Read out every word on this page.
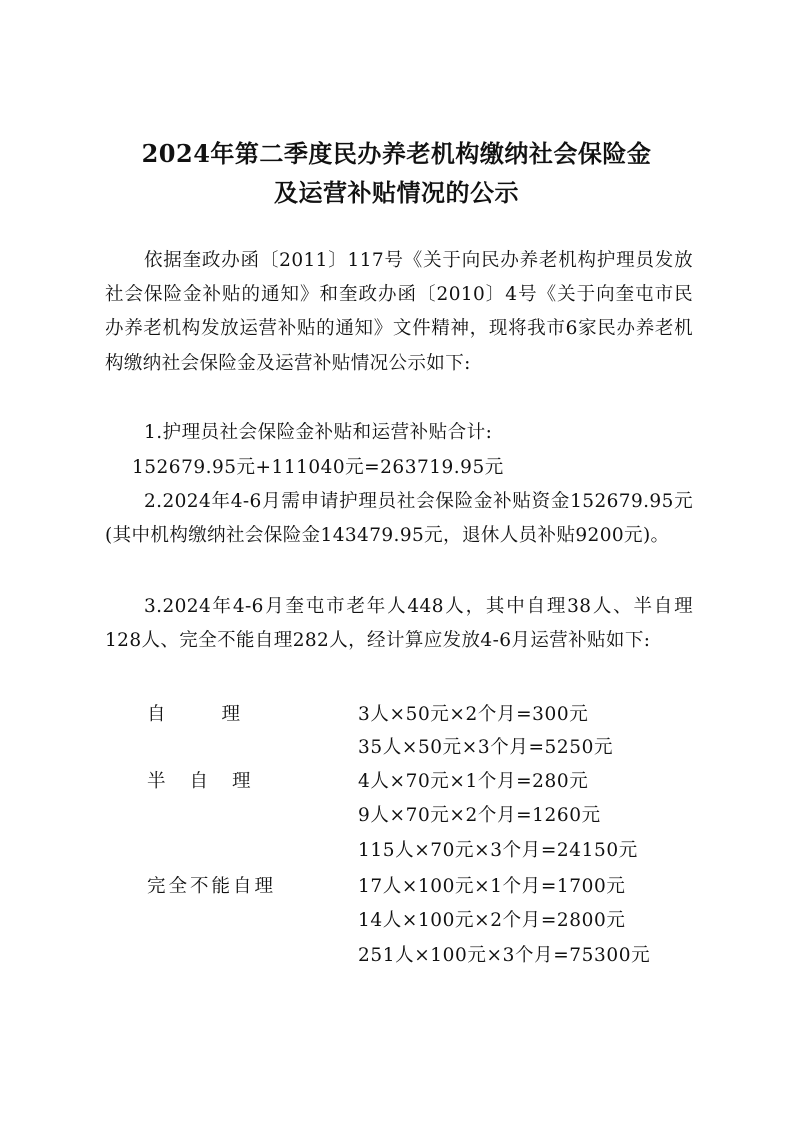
2024年第二季度民办养老机构缴纳社会保险金
及运营补贴情况的公示

依据奎政办函〔2011〕117号《关于向民办养老机构护理员发放社会保险金补贴的通知》和奎政办函〔2010〕4号《关于向奎屯市民办养老机构发放运营补贴的通知》文件精神，现将我市6家民办养老机构缴纳社会保险金及运营补贴情况公示如下:

1.护理员社会保险金补贴和运营补贴合计:
152679.95元+111040元=263719.95元

2.2024年4-6月需申请护理员社会保险金补贴资金152679.95元(其中机构缴纳社会保险金143479.95元，退休人员补贴9200元)。

3.2024年4-6月奎屯市老年人448人，其中自理38人、半自理128人、完全不能自理282人，经计算应发放4-6月运营补贴如下:

自理	3人×50元×2个月=300元
35人×50元×3个月=5250元
半自理	4人×70元×1个月=280元
9人×70元×2个月=1260元
115人×70元×3个月=24150元
完全不能自理	17人×100元×1个月=1700元
14人×100元×2个月=2800元
251人×100元×3个月=75300元
